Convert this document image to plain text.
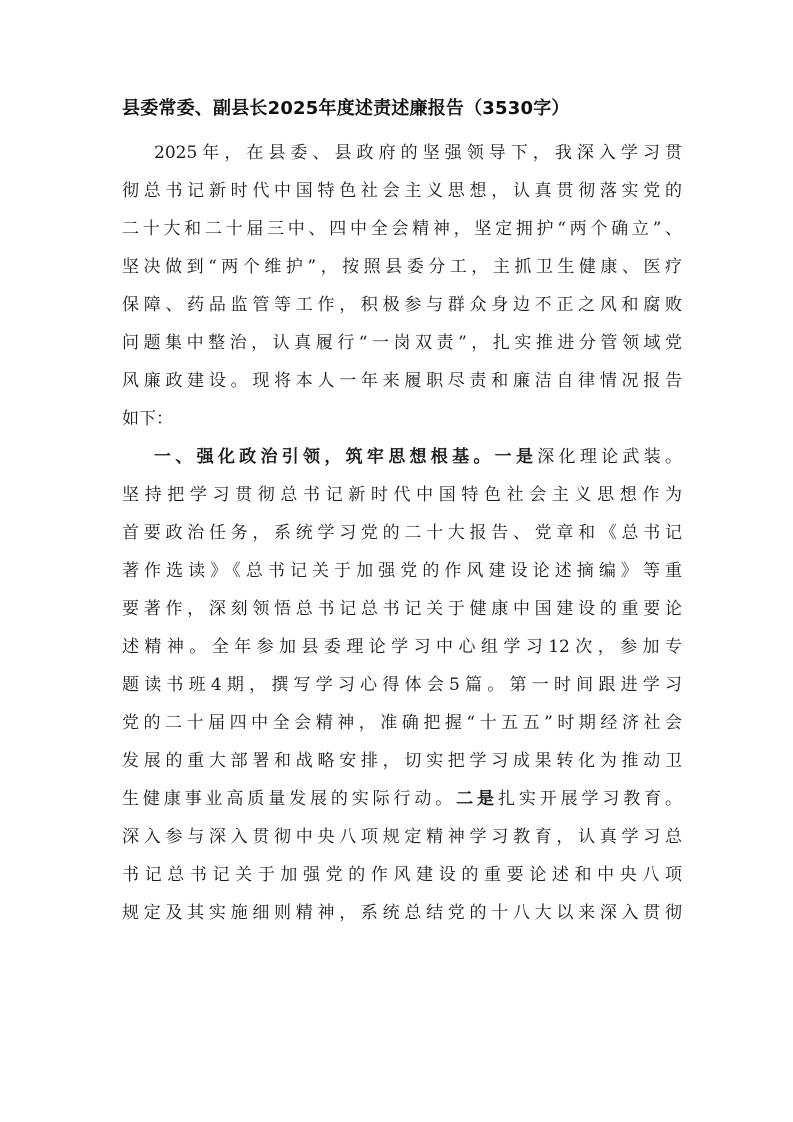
县委常委、副县长2025年度述责述廉报告（3530字）

2025年，在县委、县政府的坚强领导下，我深入学习贯

彻总书记新时代中国特色社会主义思想，认真贯彻落实党的

二十大和二十届三中、四中全会精神，坚定拥护“两个确立”、

坚决做到“两个维护”，按照县委分工，主抓卫生健康、医疗

保障、药品监管等工作，积极参与群众身边不正之风和腐败

问题集中整治，认真履行“一岗双责”，扎实推进分管领域党

风廉政建设。现将本人一年来履职尽责和廉洁自律情况报告

如下：

一、强化政治引领，筑牢思想根基。一是深化理论武装。

坚持把学习贯彻总书记新时代中国特色社会主义思想作为

首要政治任务，系统学习党的二十大报告、党章和《总书记

著作选读》《总书记关于加强党的作风建设论述摘编》等重

要著作，深刻领悟总书记总书记关于健康中国建设的重要论

述精神。全年参加县委理论学习中心组学习12次，参加专

题读书班4期，撰写学习心得体会5篇。第一时间跟进学习

党的二十届四中全会精神，准确把握“十五五”时期经济社会

发展的重大部署和战略安排，切实把学习成果转化为推动卫

生健康事业高质量发展的实际行动。二是扎实开展学习教育。

深入参与深入贯彻中央八项规定精神学习教育，认真学习总

书记总书记关于加强党的作风建设的重要论述和中央八项

规定及其实施细则精神，系统总结党的十八大以来深入贯彻
